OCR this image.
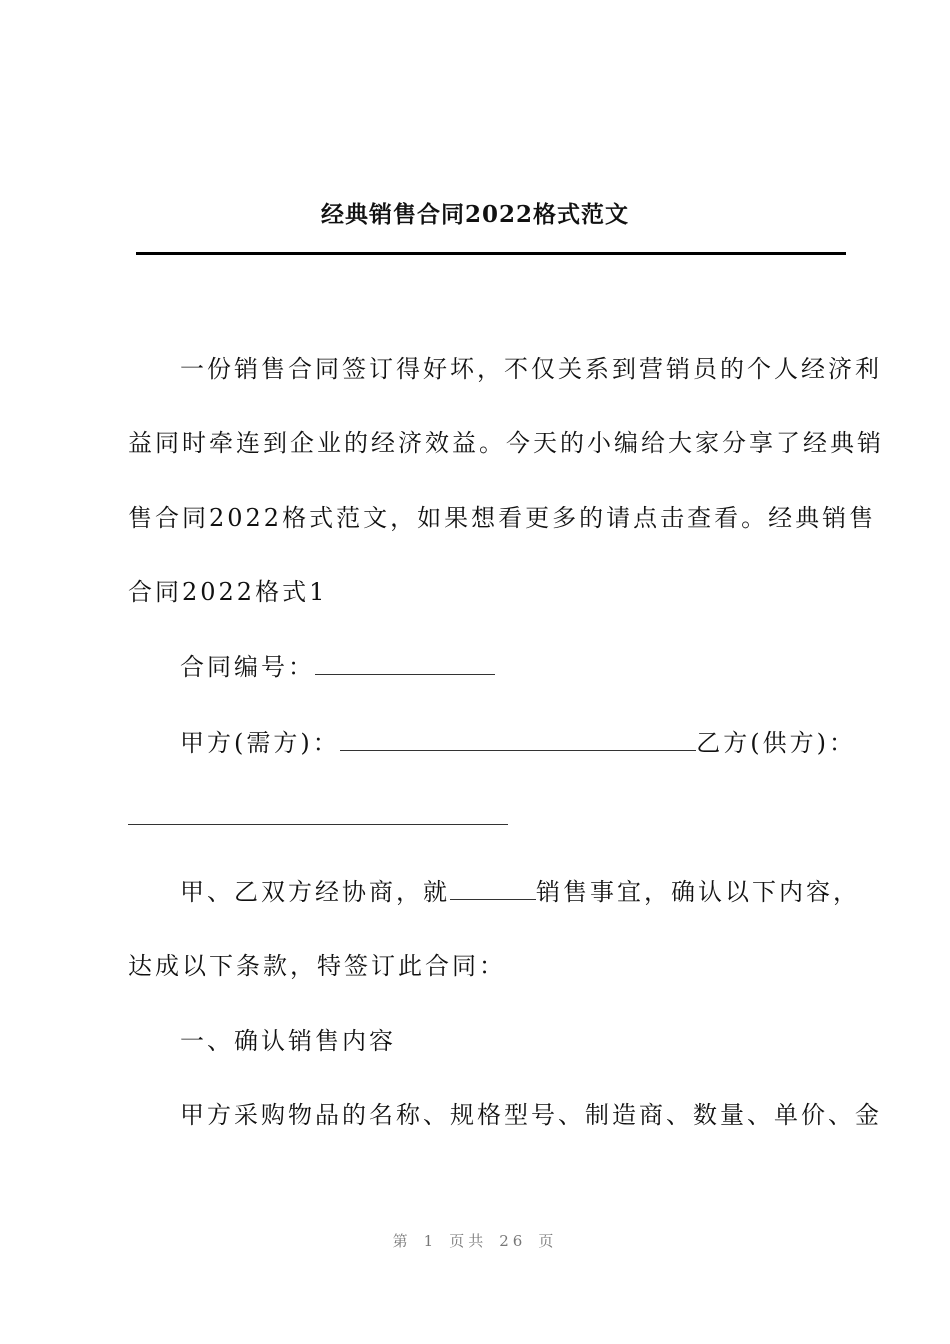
经典销售合同2022格式范文
一份销售合同签订得好坏，不仅关系到营销员的个人经济利
益同时牵连到企业的经济效益。今天的小编给大家分享了经典销
售合同2022格式范文，如果想看更多的请点击查看。经典销售
合同2022格式1
合同编号：
甲方(需方)：	乙方(供方)：
甲、乙双方经协商，就	销售事宜，确认以下内容，
达成以下条款，特签订此合同：
一、确认销售内容
甲方采购物品的名称、规格型号、制造商、数量、单价、金
第 1 页共 26 页
